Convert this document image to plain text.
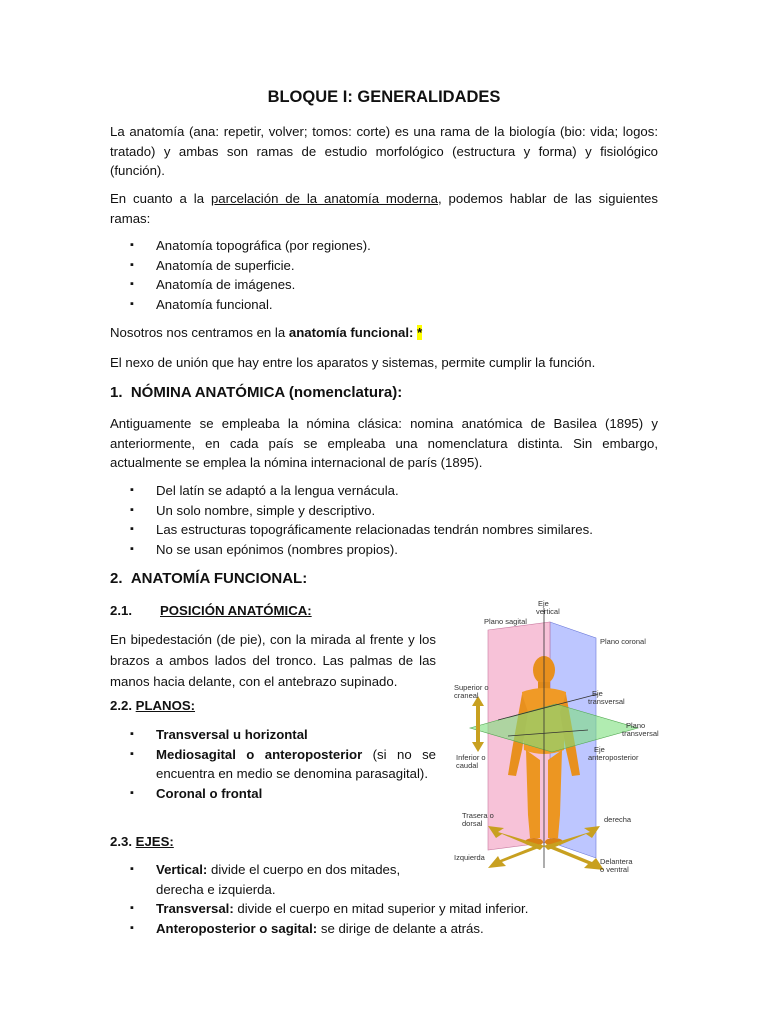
BLOQUE I: GENERALIDADES

La anatomía (ana: repetir, volver; tomos: corte) es una rama de la biología (bio: vida; logos: tratado) y ambas son ramas de estudio morfológico (estructura y forma) y fisiológico (función).

En cuanto a la parcelación de la anatomía moderna, podemos hablar de las siguientes ramas:

▪ Anatomía topográfica (por regiones).
▪ Anatomía de superficie.
▪ Anatomía de imágenes.
▪ Anatomía funcional.

Nosotros nos centramos en la anatomía funcional: *

El nexo de unión que hay entre los aparatos y sistemas, permite cumplir la función.

1.  NÓMINA ANATÓMICA (nomenclatura):

Antiguamente se empleaba la nómina clásica: nomina anatómica de Basilea (1895) y anteriormente, en cada país se empleaba una nomenclatura distinta. Sin embargo, actualmente se emplea la nómina internacional de parís (1895).

▪ Del latín se adaptó a la lengua vernácula.
▪ Un solo nombre, simple y descriptivo.
▪ Las estructuras topográficamente relacionadas tendrán nombres similares.
▪ No se usan epónimos (nombres propios).
2.  ANATOMÍA FUNCIONAL:
2.1. POSICIÓN ANATÓMICA:

En bipedestación (de pie), con la mirada al frente y los brazos a ambos lados del tronco. Las palmas de las manos hacia delante, con el antebrazo supinado.

2.2. PLANOS:
▪ Transversal u horizontal
▪ Mediosagital o anteroposterior (si no se encuentra en medio se denomina parasagital).
▪ Coronal o frontal
2.3. EJES:
▪ Vertical: divide el cuerpo en dos mitades, derecha e izquierda.
▪ Transversal: divide el cuerpo en mitad superior y mitad inferior.
▪ Anteroposterior o sagital: se dirige de delante a atrás.
Eje
vertical
Plano sagital
Plano coronal
Superior o
craneal	Eje
transversal
Plano
transversal
Eje
anteroposterior
Inferior o
caudal
Trasera o
dorsal	derecha
Izquierda	Delantera
o ventral
